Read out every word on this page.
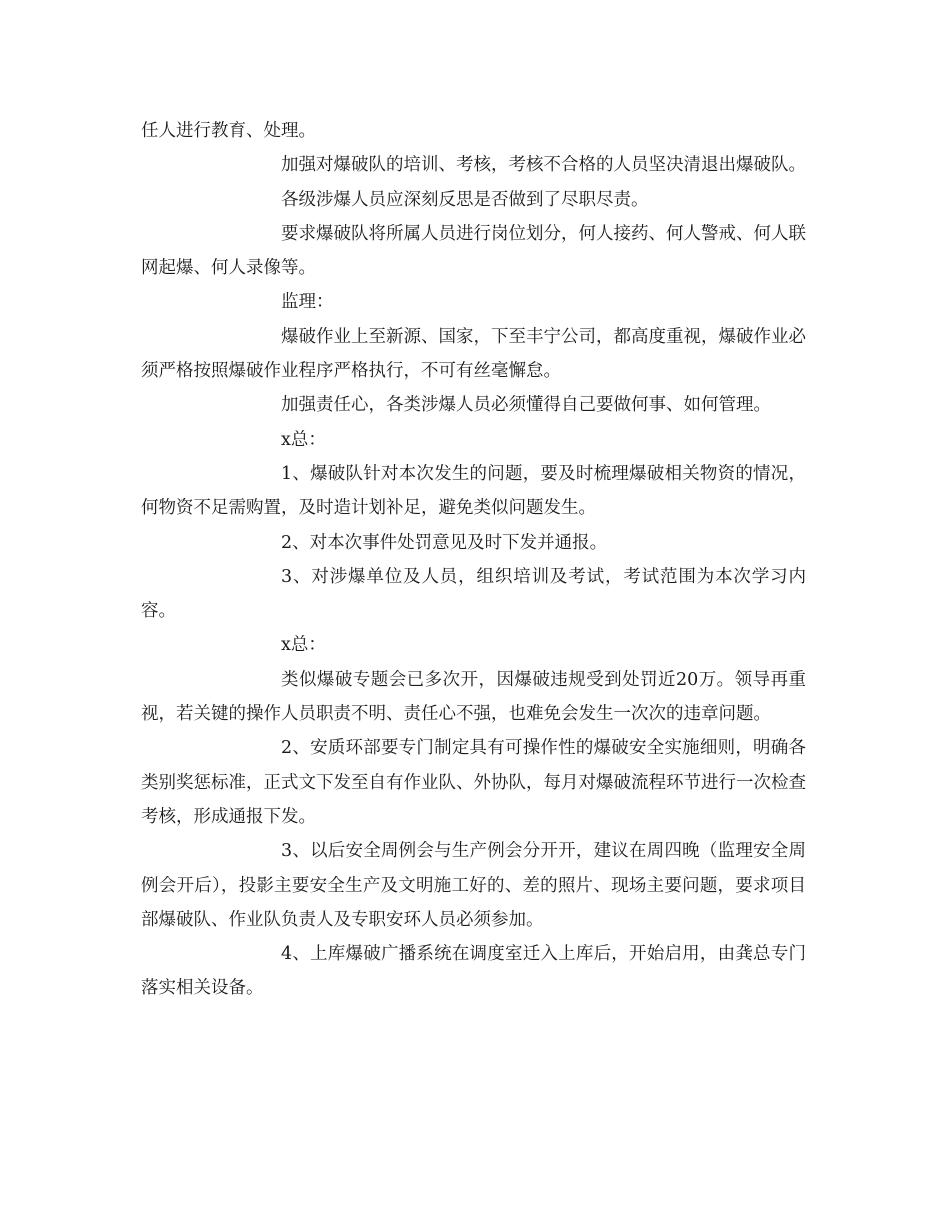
任人进行教育、处理。

加强对爆破队的培训、考核，考核不合格的人员坚决清退出爆破队。

各级涉爆人员应深刻反思是否做到了尽职尽责。

要求爆破队将所属人员进行岗位划分，何人接药、何人警戒、何人联网起爆、何人录像等。

监理：

爆破作业上至新源、国家，下至丰宁公司，都高度重视，爆破作业必须严格按照爆破作业程序严格执行，不可有丝毫懈怠。

加强责任心，各类涉爆人员必须懂得自己要做何事、如何管理。

x总：

1、爆破队针对本次发生的问题，要及时梳理爆破相关物资的情况，何物资不足需购置，及时造计划补足，避免类似问题发生。

2、对本次事件处罚意见及时下发并通报。

3、对涉爆单位及人员，组织培训及考试，考试范围为本次学习内容。

x总：

类似爆破专题会已多次开，因爆破违规受到处罚近20万。领导再重视，若关键的操作人员职责不明、责任心不强，也难免会发生一次次的违章问题。

2、安质环部要专门制定具有可操作性的爆破安全实施细则，明确各类别奖惩标准，正式文下发至自有作业队、外协队，每月对爆破流程环节进行一次检查考核，形成通报下发。

3、以后安全周例会与生产例会分开开，建议在周四晚（监理安全周例会开后），投影主要安全生产及文明施工好的、差的照片、现场主要问题，要求项目部爆破队、作业队负责人及专职安环人员必须参加。

4、上库爆破广播系统在调度室迁入上库后，开始启用，由龚总专门落实相关设备。
